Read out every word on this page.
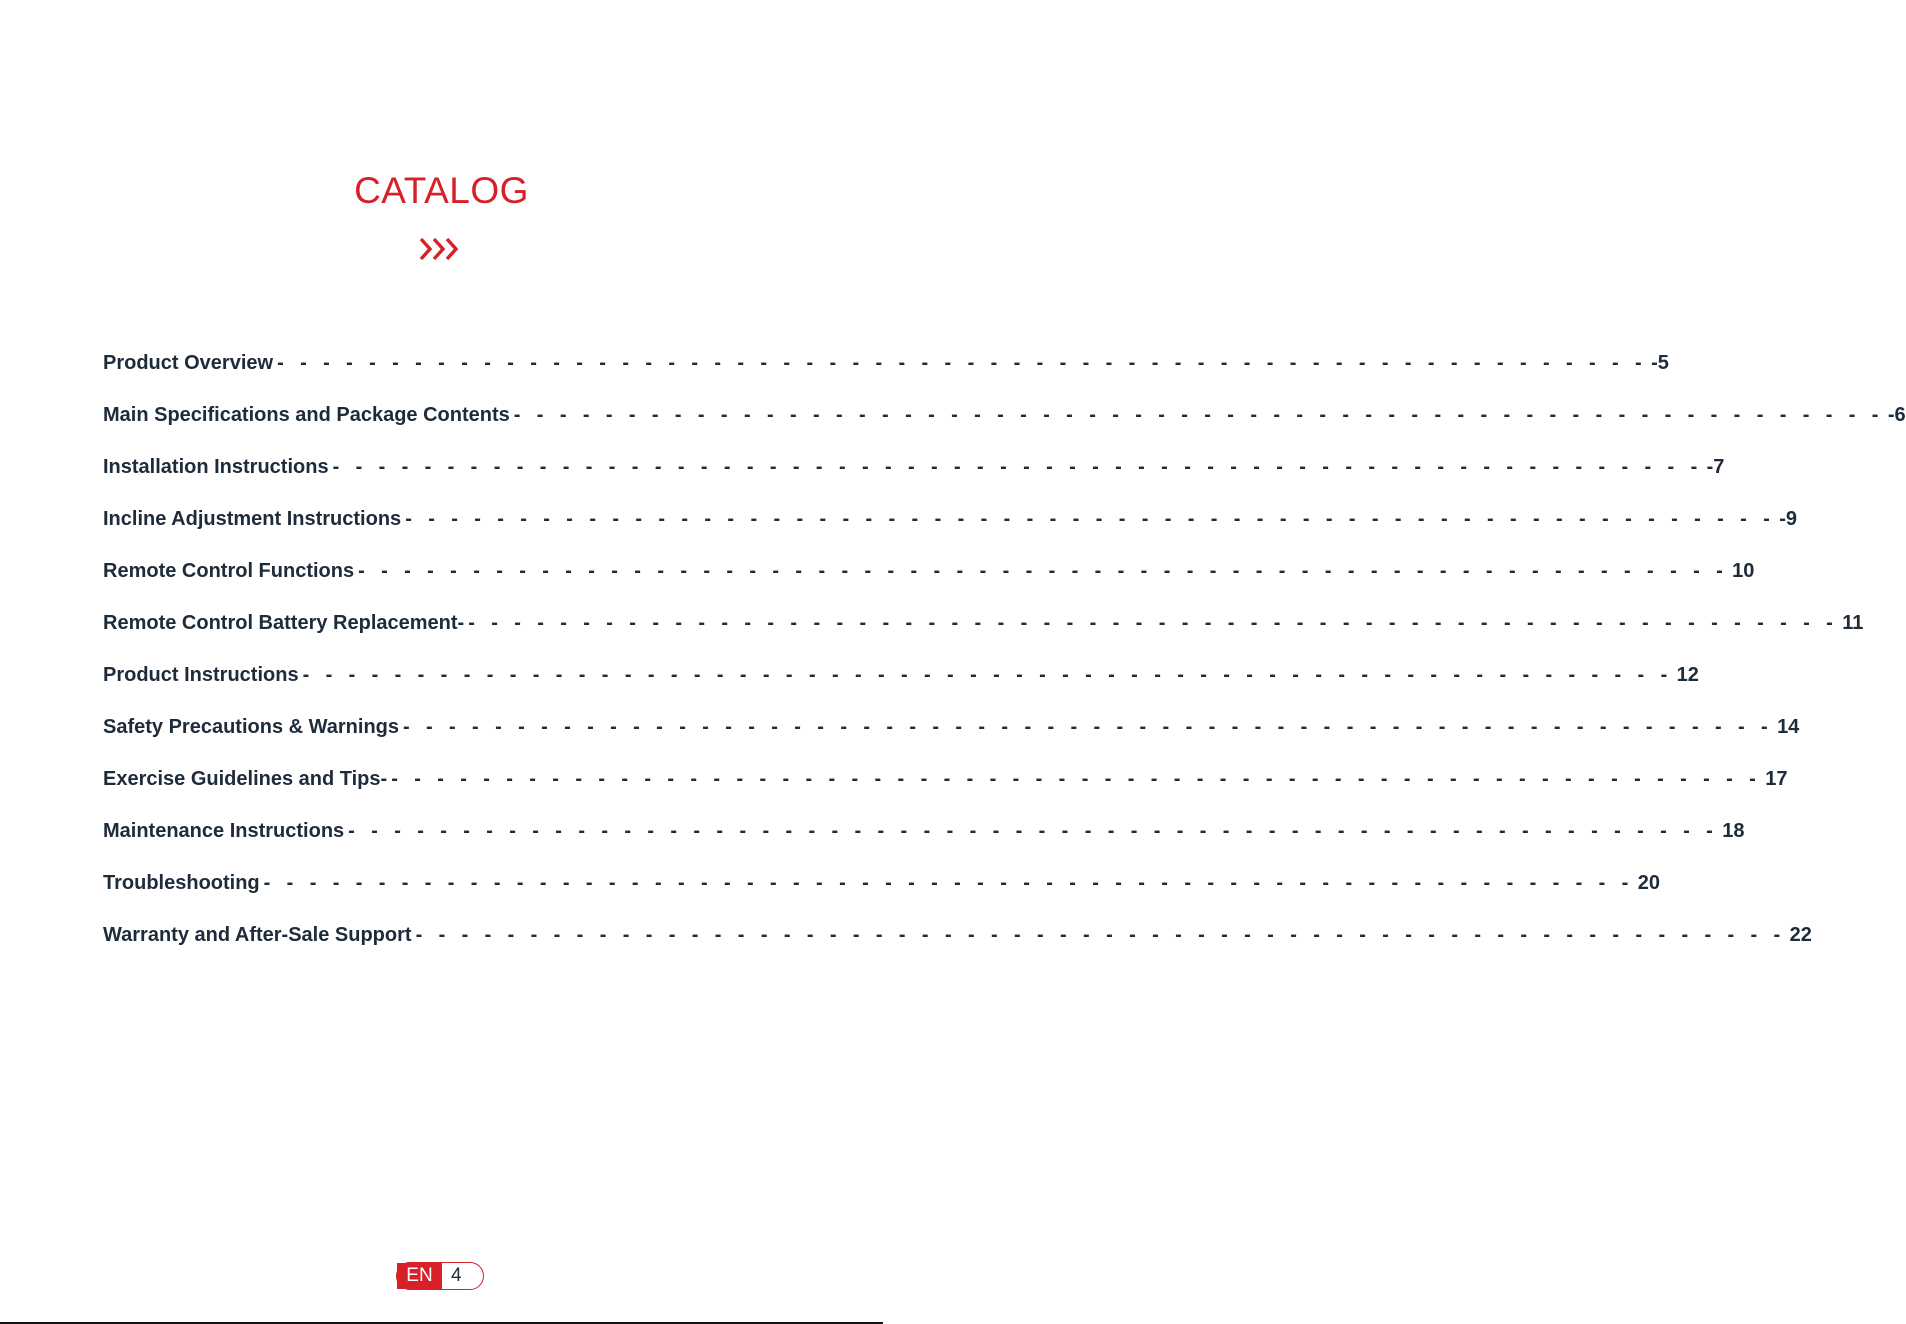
CATALOG
Product Overview - - - - - - - - - - - - - - - - - - - - - - - - - - - - - - - - - - - - - - - - - - - - - - - - - - - - - - - - - - - - -5
Main Specifications and Package Contents - - - - - - - - - - - - - - - - - - - - - - - - - - - - - - - - - - - - - - - - - - - - - - - - - - - - - - - - - - - - -6
Installation Instructions - - - - - - - - - - - - - - - - - - - - - - - - - - - - - - - - - - - - - - - - - - - - - - - - - - - - - - - - - - - - -7
Incline Adjustment Instructions - - - - - - - - - - - - - - - - - - - - - - - - - - - - - - - - - - - - - - - - - - - - - - - - - - - - - - - - - - - - -9
Remote Control Functions - - - - - - - - - - - - - - - - - - - - - - - - - - - - - - - - - - - - - - - - - - - - - - - - - - - - - - - - - - - - 10
Remote Control Battery Replacement- - - - - - - - - - - - - - - - - - - - - - - - - - - - - - - - - - - - - - - - - - - - - - - - - - - - - - - - - - - - - 11
Product Instructions - - - - - - - - - - - - - - - - - - - - - - - - - - - - - - - - - - - - - - - - - - - - - - - - - - - - - - - - - - - - 12
Safety Precautions & Warnings - - - - - - - - - - - - - - - - - - - - - - - - - - - - - - - - - - - - - - - - - - - - - - - - - - - - - - - - - - - - 14
Exercise Guidelines and Tips- - - - - - - - - - - - - - - - - - - - - - - - - - - - - - - - - - - - - - - - - - - - - - - - - - - - - - - - - - - - - 17
Maintenance Instructions - - - - - - - - - - - - - - - - - - - - - - - - - - - - - - - - - - - - - - - - - - - - - - - - - - - - - - - - - - - - 18
Troubleshooting - - - - - - - - - - - - - - - - - - - - - - - - - - - - - - - - - - - - - - - - - - - - - - - - - - - - - - - - - - - - 20
Warranty and After-Sale Support - - - - - - - - - - - - - - - - - - - - - - - - - - - - - - - - - - - - - - - - - - - - - - - - - - - - - - - - - - - - 22
EN 4
